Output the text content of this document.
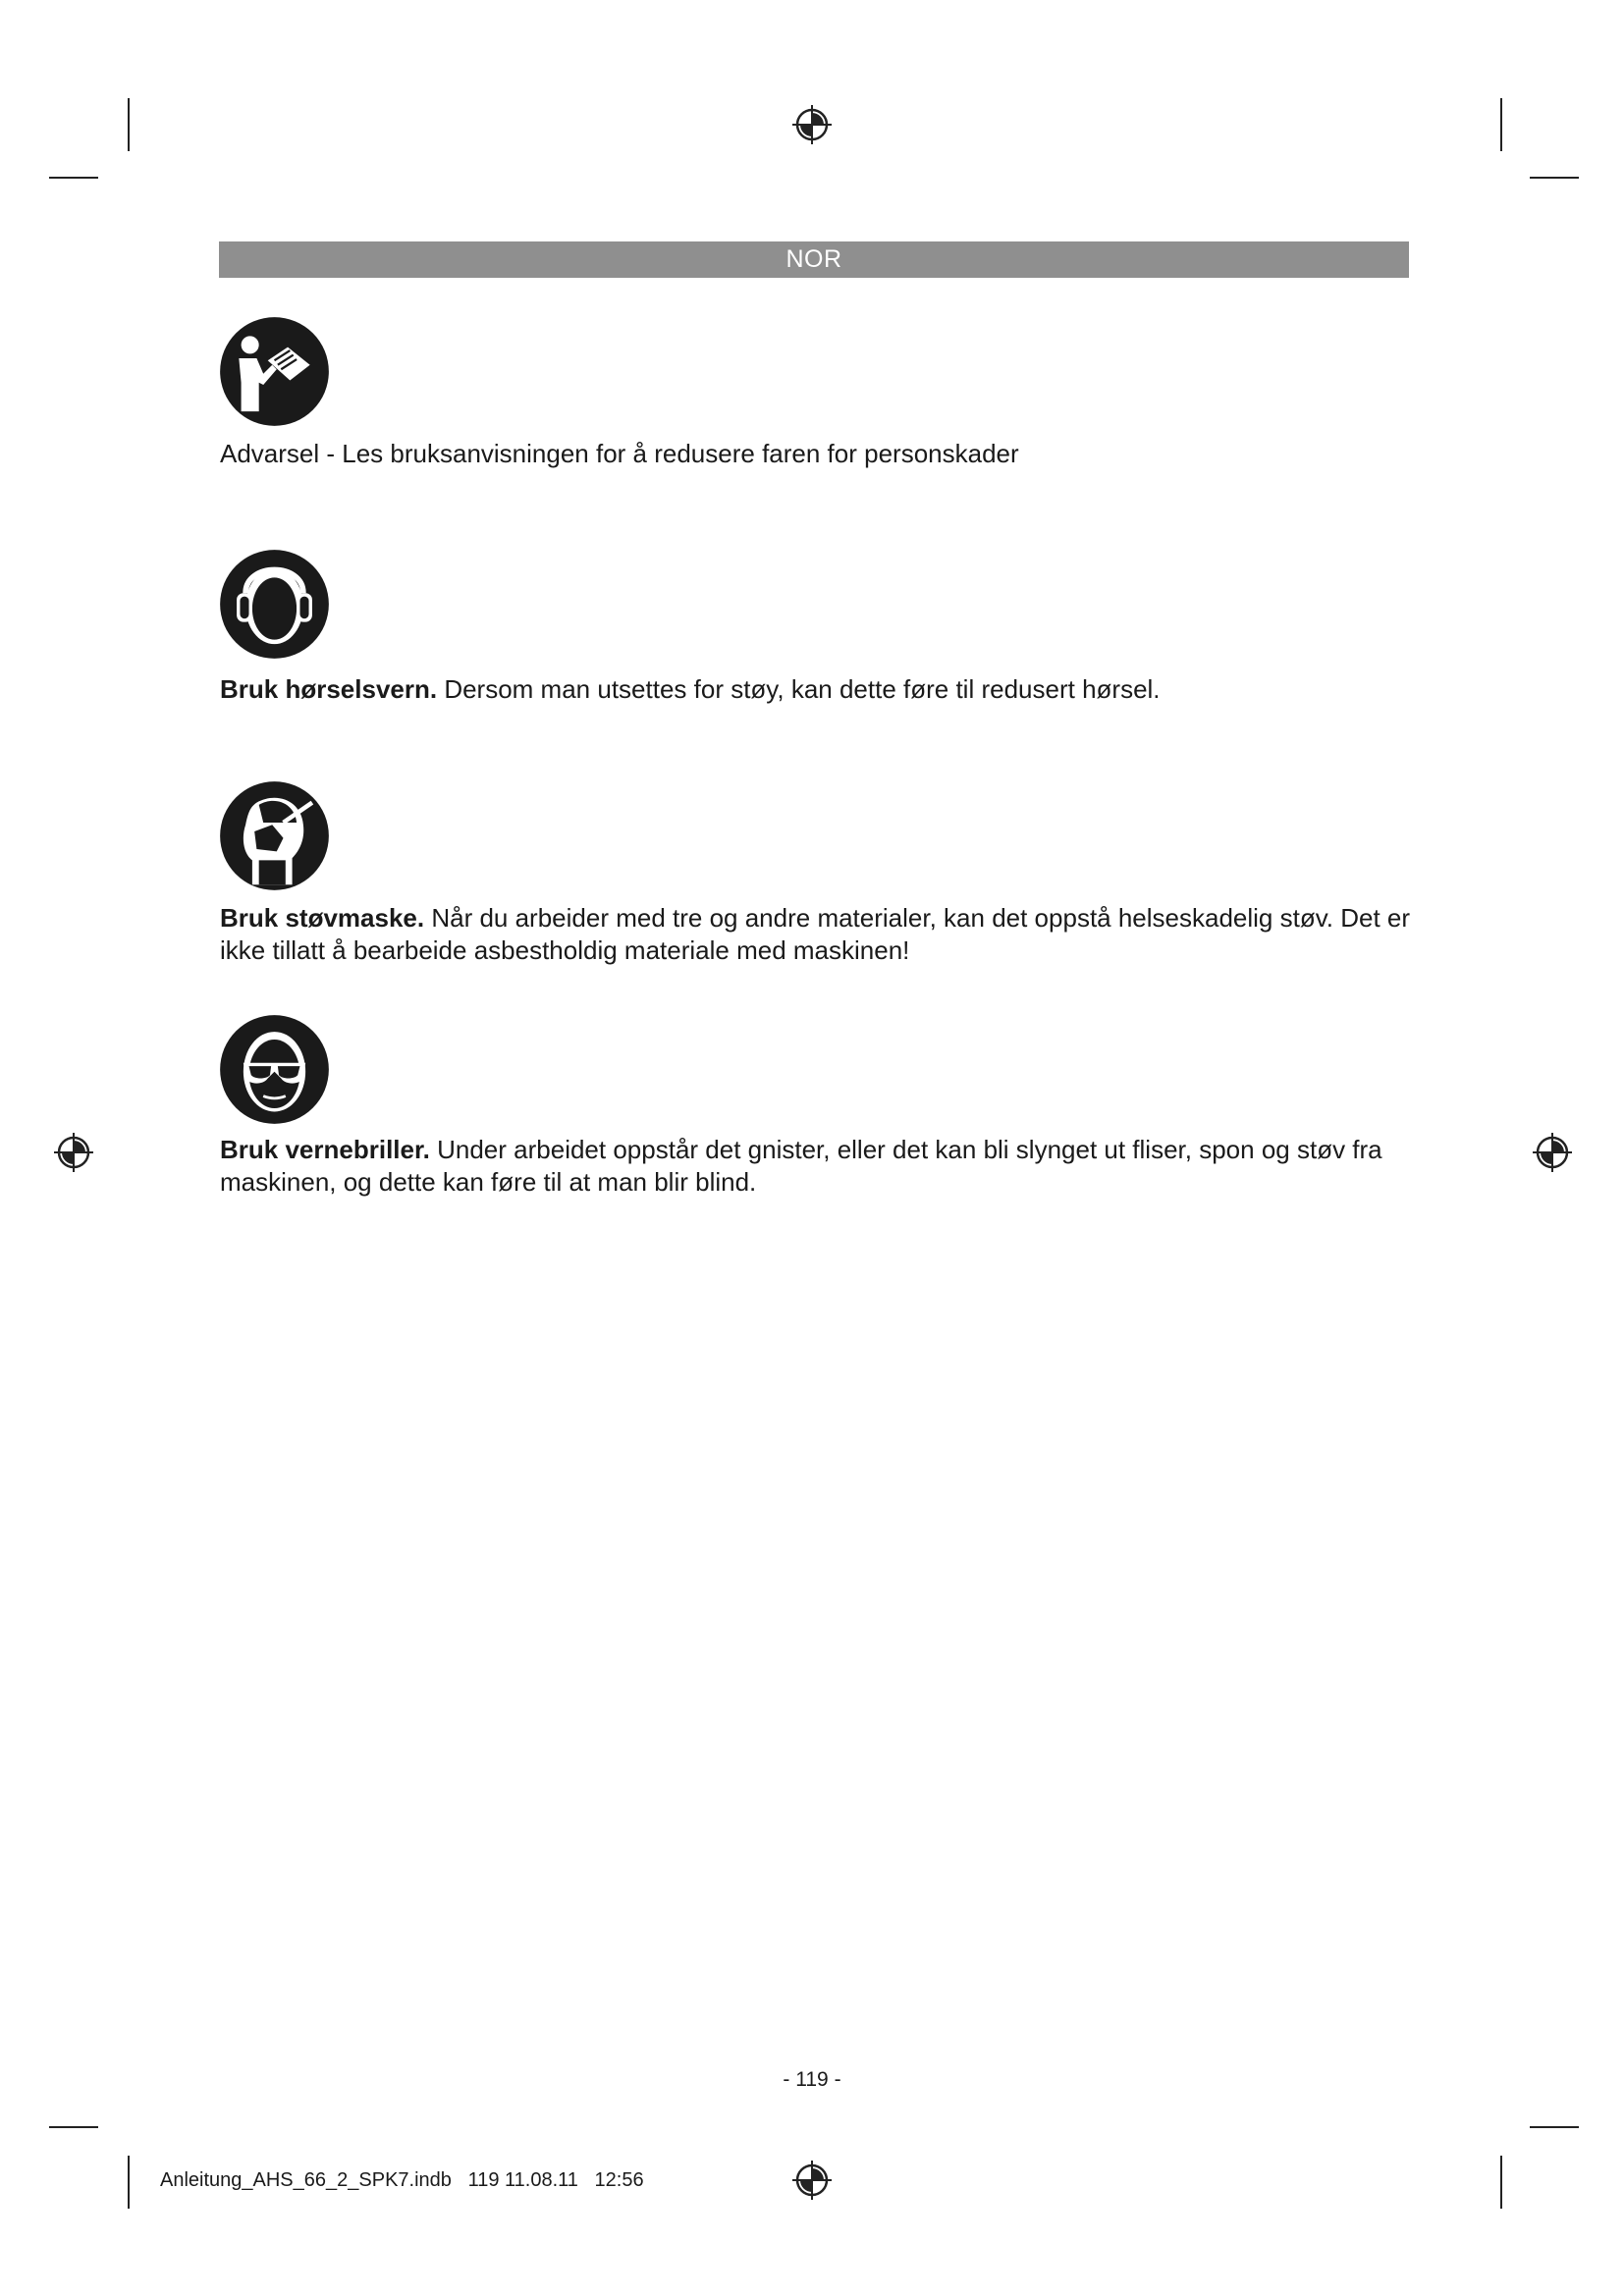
NOR

Advarsel - Les bruksanvisningen for å redusere faren for personskader

Bruk hørselsvern. Dersom man utsettes for støy, kan dette føre til redusert hørsel.

Bruk støvmaske. Når du arbeider med tre og andre materialer, kan det oppstå helseskadelig støv. Det er ikke tillatt å bearbeide asbestholdig materiale med maskinen!

Bruk vernebriller. Under arbeidet oppstår det gnister, eller det kan bli slynget ut fliser, spon og støv fra maskinen, og dette kan føre til at man blir blind.

- 119 -
Anleitung_AHS_66_2_SPK7.indb   119 11.08.11   12:56
